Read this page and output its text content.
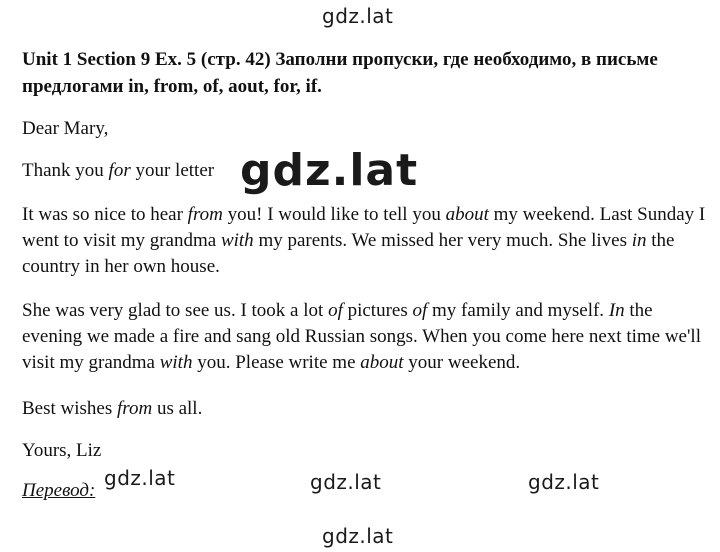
gdz.lat
Unit 1 Section 9 Ex. 5 (стр. 42) Заполни пропуски, где необходимо, в письме предлогами in, from, of, aout, for, if.

Dear Mary,

Thank you for your letter gdz.lat

It was so nice to hear from you! I would like to tell you about my weekend. Last Sunday I went to visit my grandma with my parents. We missed her very much. She lives in the country in her own house.

She was very glad to see us. I took a lot of pictures of my family and myself. In the evening we made a fire and sang old Russian songs. When you come here next time we'll visit my grandma with you. Please write me about your weekend.

Best wishes from us all.

Yours, Liz

Перевод:
gdz.lat	gdz.lat	gdz.lat
gdz.lat
